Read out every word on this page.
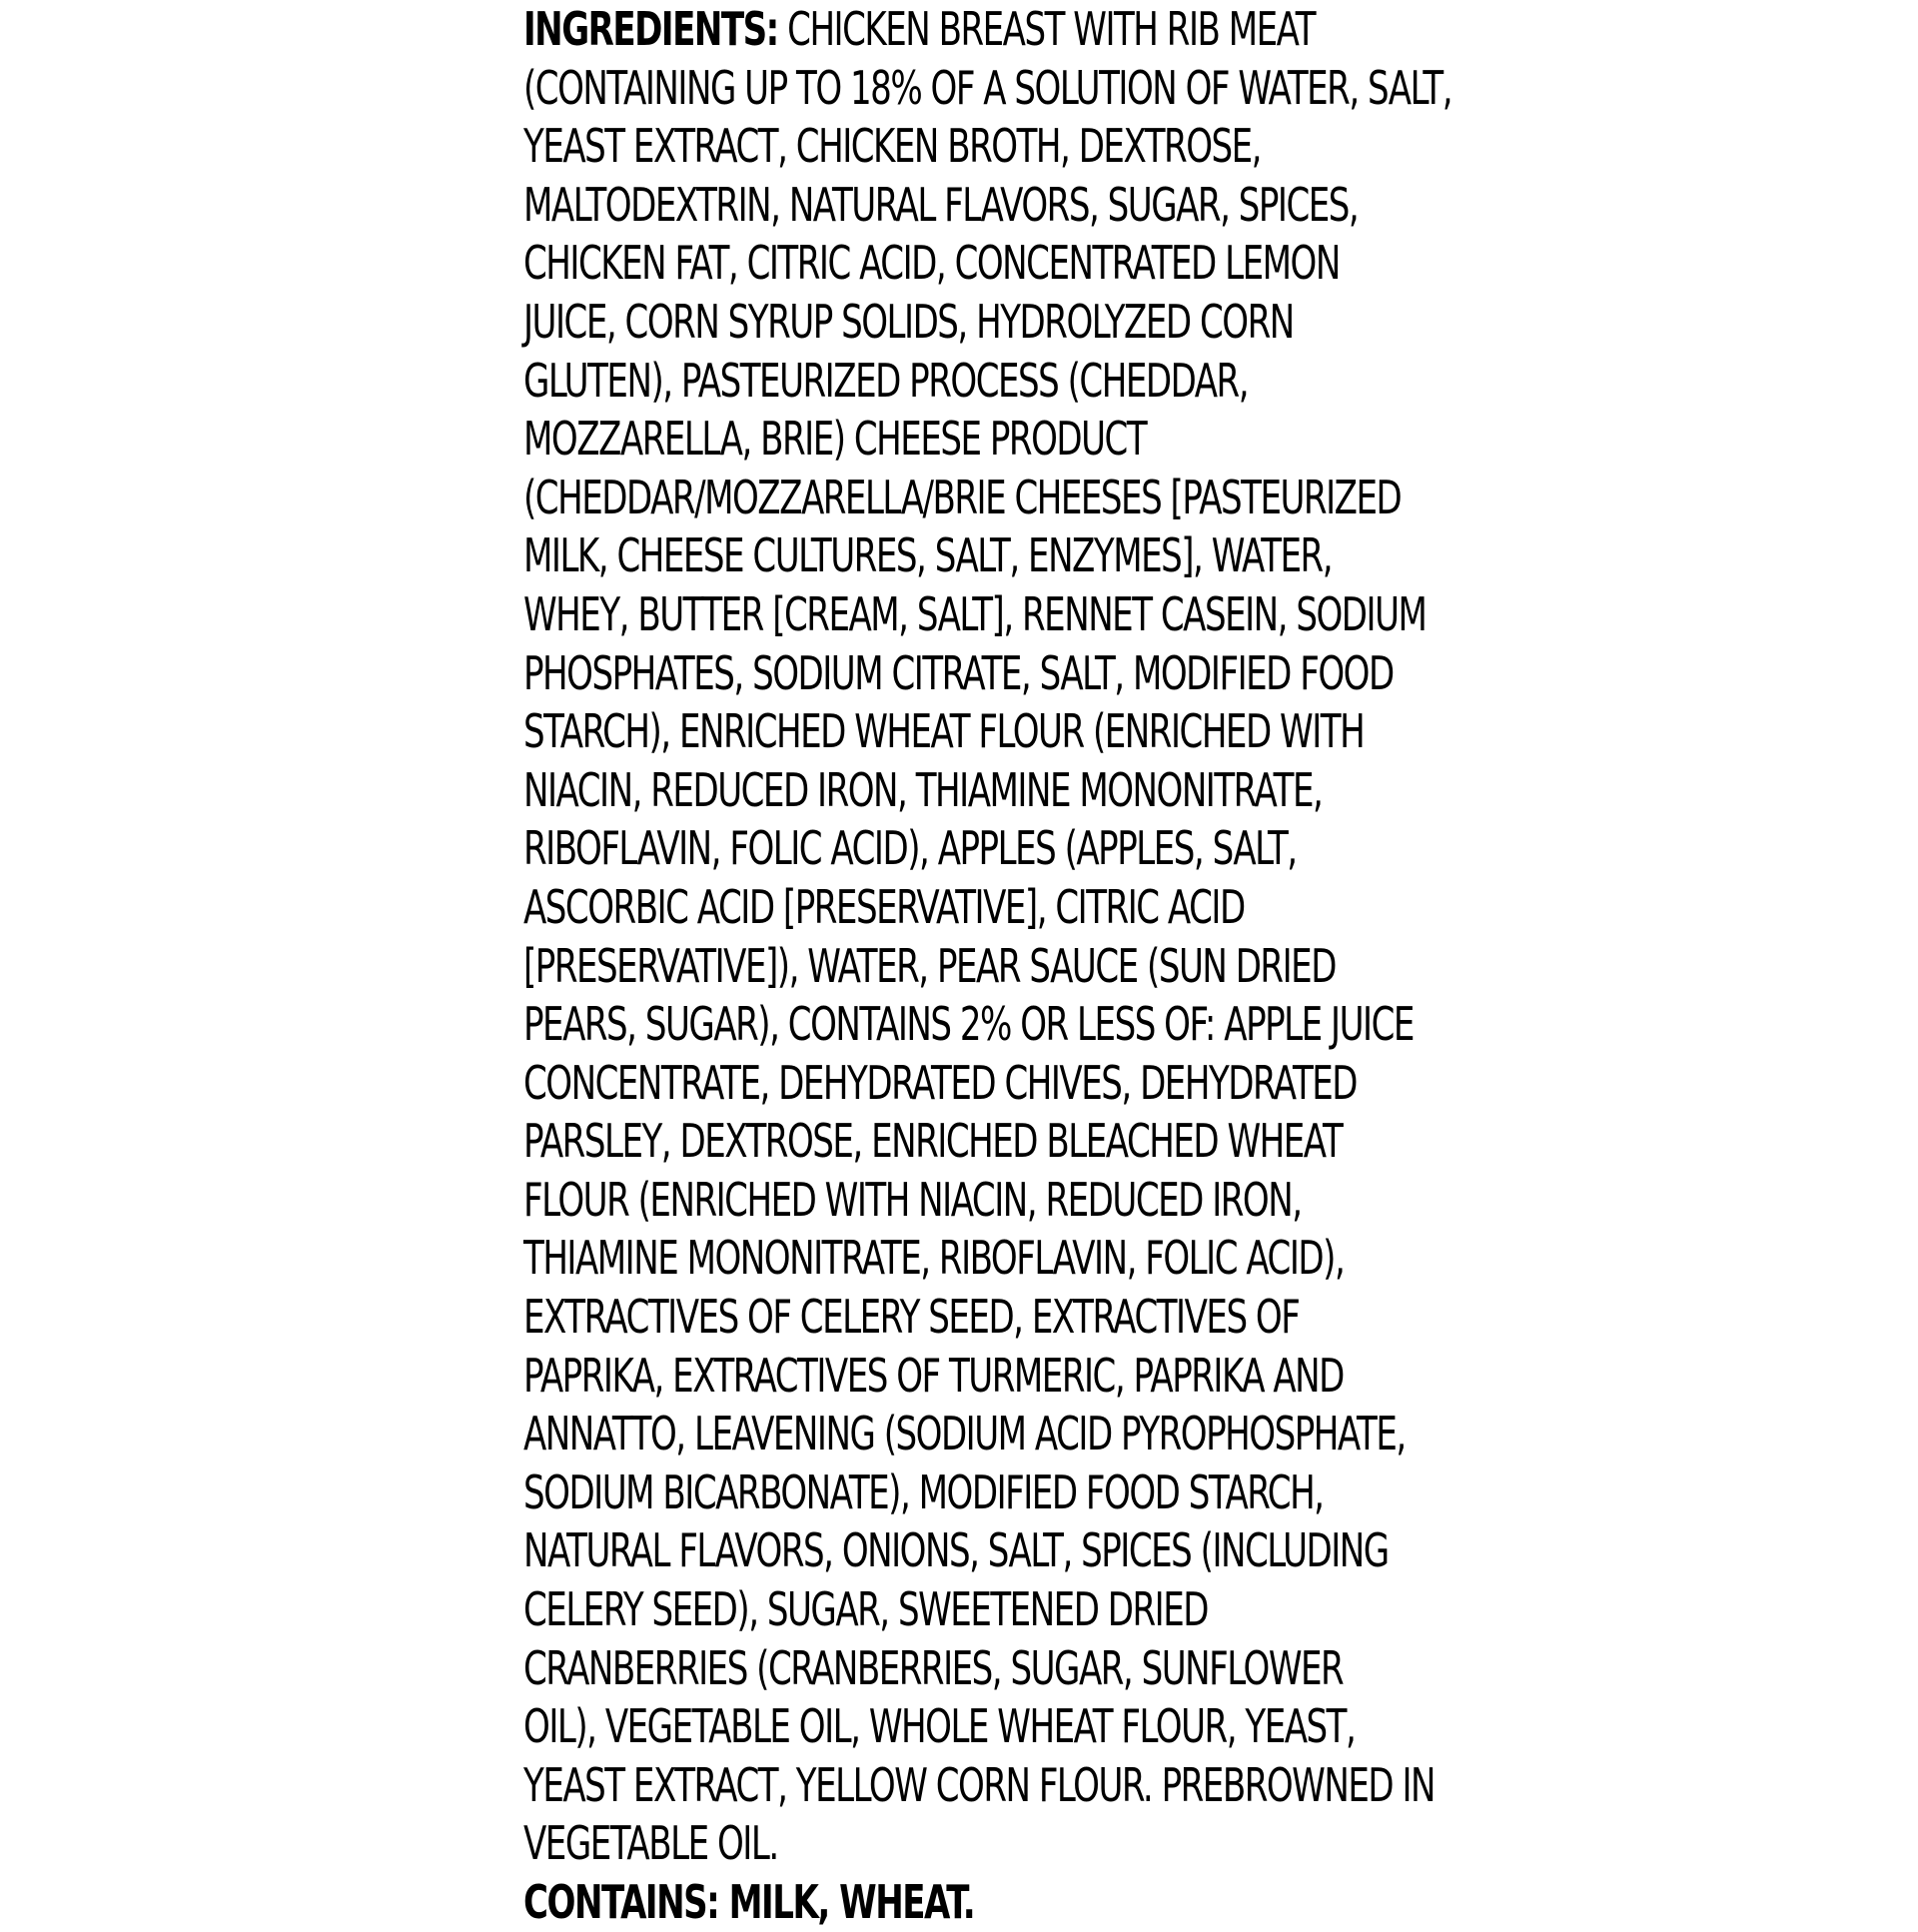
INGREDIENTS: CHICKEN BREAST WITH RIB MEAT
(CONTAINING UP TO 18% OF A SOLUTION OF WATER, SALT,
YEAST EXTRACT, CHICKEN BROTH, DEXTROSE,
MALTODEXTRIN, NATURAL FLAVORS, SUGAR, SPICES,
CHICKEN FAT, CITRIC ACID, CONCENTRATED LEMON
JUICE, CORN SYRUP SOLIDS, HYDROLYZED CORN
GLUTEN), PASTEURIZED PROCESS (CHEDDAR,
MOZZARELLA, BRIE) CHEESE PRODUCT
(CHEDDAR/MOZZARELLA/BRIE CHEESES [PASTEURIZED
MILK, CHEESE CULTURES, SALT, ENZYMES], WATER,
WHEY, BUTTER [CREAM, SALT], RENNET CASEIN, SODIUM
PHOSPHATES, SODIUM CITRATE, SALT, MODIFIED FOOD
STARCH), ENRICHED WHEAT FLOUR (ENRICHED WITH
NIACIN, REDUCED IRON, THIAMINE MONONITRATE,
RIBOFLAVIN, FOLIC ACID), APPLES (APPLES, SALT,
ASCORBIC ACID [PRESERVATIVE], CITRIC ACID
[PRESERVATIVE]), WATER, PEAR SAUCE (SUN DRIED
PEARS, SUGAR), CONTAINS 2% OR LESS OF: APPLE JUICE
CONCENTRATE, DEHYDRATED CHIVES, DEHYDRATED
PARSLEY, DEXTROSE, ENRICHED BLEACHED WHEAT
FLOUR (ENRICHED WITH NIACIN, REDUCED IRON,
THIAMINE MONONITRATE, RIBOFLAVIN, FOLIC ACID),
EXTRACTIVES OF CELERY SEED, EXTRACTIVES OF
PAPRIKA, EXTRACTIVES OF TURMERIC, PAPRIKA AND
ANNATTO, LEAVENING (SODIUM ACID PYROPHOSPHATE,
SODIUM BICARBONATE), MODIFIED FOOD STARCH,
NATURAL FLAVORS, ONIONS, SALT, SPICES (INCLUDING
CELERY SEED), SUGAR, SWEETENED DRIED
CRANBERRIES (CRANBERRIES, SUGAR, SUNFLOWER
OIL), VEGETABLE OIL, WHOLE WHEAT FLOUR, YEAST,
YEAST EXTRACT, YELLOW CORN FLOUR. PREBROWNED IN
VEGETABLE OIL.
CONTAINS: MILK, WHEAT.
